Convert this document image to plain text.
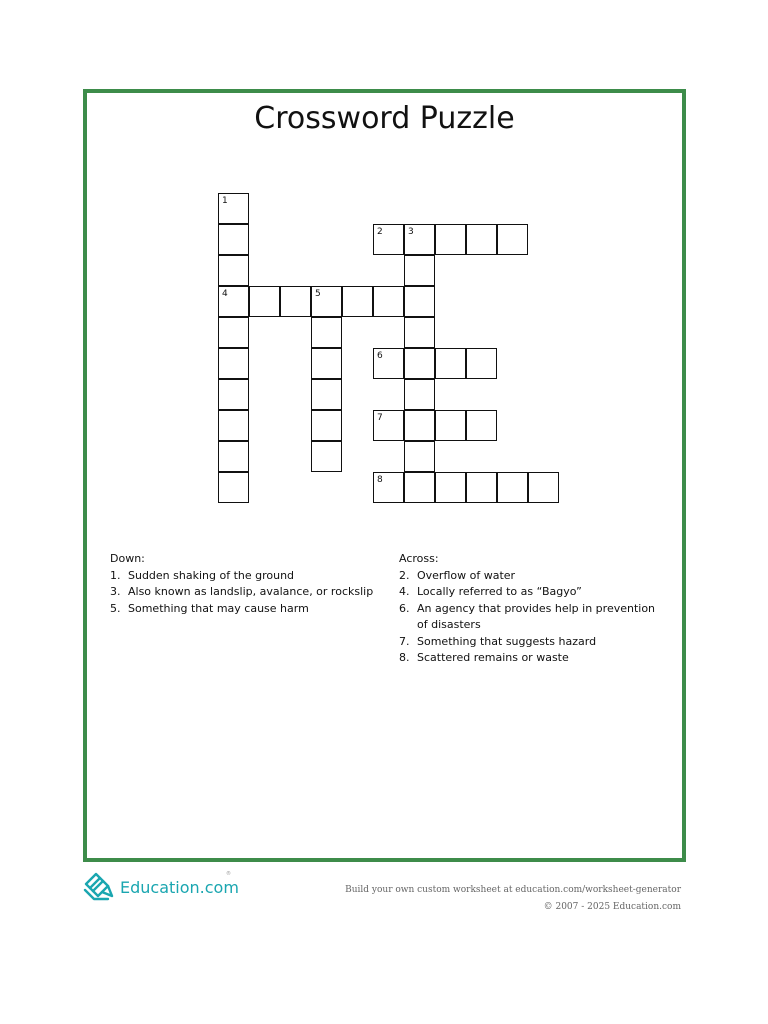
Crossword Puzzle
1
2	3
4	5
6
7
8
Down:
1. Sudden shaking of the ground
3. Also known as landslip, avalance, or rockslip
5. Something that may cause harm
Across:
2. Overflow of water
4. Locally referred to as “Bagyo”
6. An agency that provides help in prevention of disasters
7. Something that suggests hazard
8. Scattered remains or waste
Education.com
®
Build your own custom worksheet at education.com/worksheet-generator
© 2007 - 2025 Education.com
